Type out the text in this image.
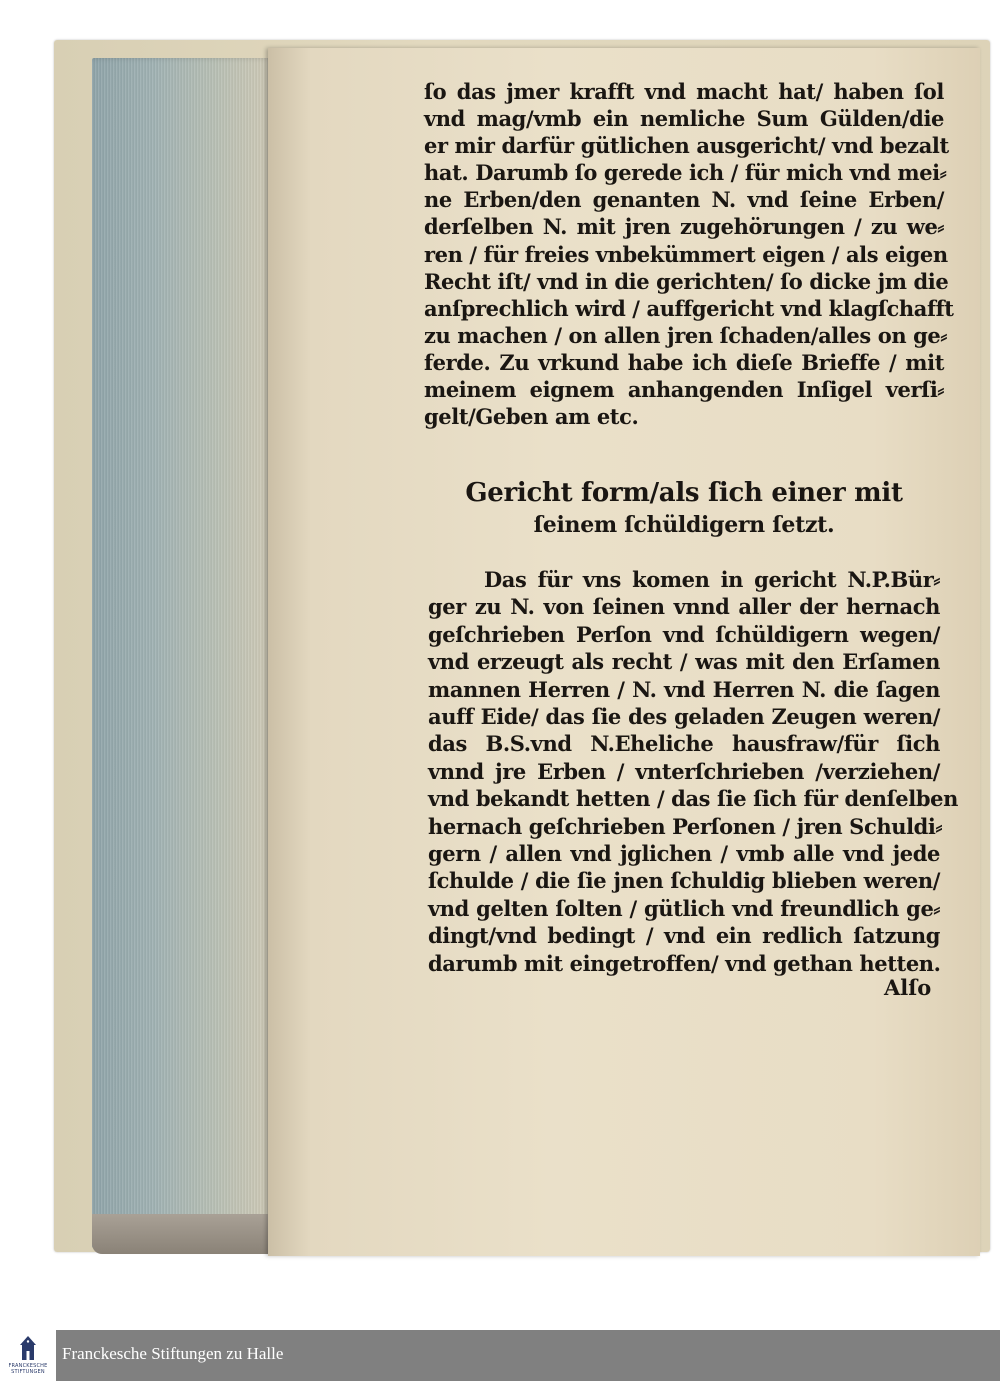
ſo das jmer krafft vnd macht hat/ haben ſol
vnd mag/vmb ein nemliche Sum Gülden/die
er mir darfür gütlichen ausgericht/ vnd bezalt
hat. Darumb ſo gerede ich / für mich vnd mei⸗
ne Erben/den genanten N. vnd ſeine Erben/
derſelben N. mit jren zugehörungen / zu we⸗
ren / für freies vnbekümmert eigen / als eigen
Recht iſt/ vnd in die gerichten/ ſo dicke jm die
anſprechlich wird / auffgericht vnd klagſchafft
zu machen / on allen jren ſchaden/alles on ge⸗
ferde. Zu vrkund habe ich dieſe Brieffe / mit
meinem eignem anhangenden Inſigel verſi⸗
gelt/Geben am etc.
Gericht form/als ſich einer mit
ſeinem ſchüldigern ſetzt.
Das für vns komen in gericht N.P.Bür⸗
ger zu N. von ſeinen vnnd aller der hernach
geſchrieben Perſon vnd ſchüldigern wegen/
vnd erzeugt als recht / was mit den Erſamen
mannen Herren / N. vnd Herren N. die ſagen
auff Eide/ das ſie des geladen Zeugen weren/
das B.S.vnd N.Eheliche hausfraw/für ſich
vnnd jre Erben / vnterſchrieben /verziehen/
vnd bekandt hetten / das ſie ſich für denſelben
hernach geſchrieben Perſonen / jren Schuldi⸗
gern / allen vnd jglichen / vmb alle vnd jede
ſchulde / die ſie jnen ſchuldig blieben weren/
vnd gelten ſolten / gütlich vnd freundlich ge⸗
dingt/vnd bedingt / vnd ein redlich ſatzung
darumb mit eingetroffen/ vnd gethan hetten.
Alſo
FRANCKESCHE
STIFTUNGEN
Franckesche Stiftungen zu Halle
